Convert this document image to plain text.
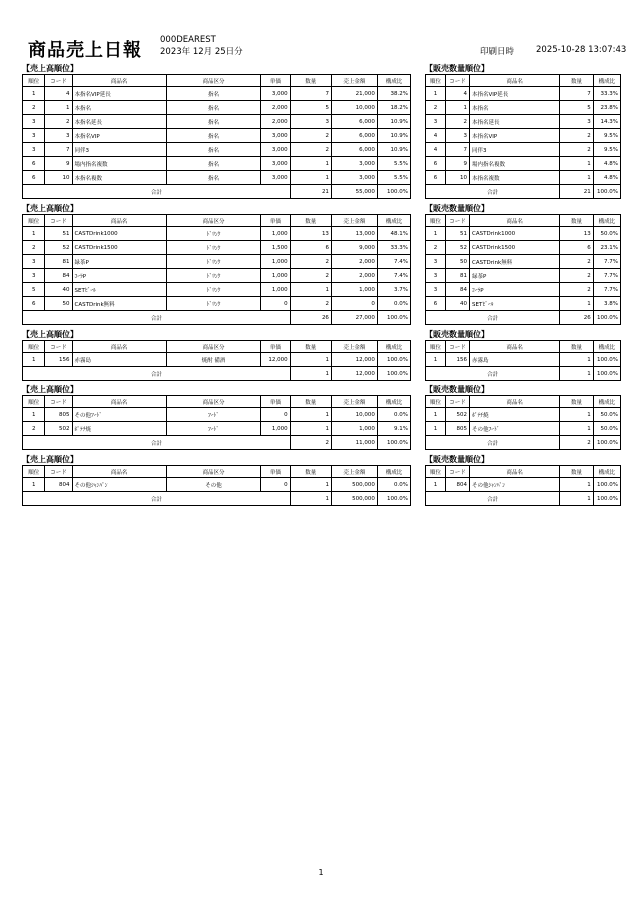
商品売上日報 000DEAREST
2023年 12月 25日分	印刷日時	2025-10-28 13:07:43
【売上高順位】
順位	コード	商品名	商品区分	単価	数量	売上金額	構成比
1	4	本指名VIP延長	指名	3,000	7	21,000	38.2%
2	1	本指名	指名	2,000	5	10,000	18.2%
3	2	本指名延長	指名	2,000	3	6,000	10.9%
3	3	本指名VIP	指名	3,000	2	6,000	10.9%
3	7	同伴3	指名	3,000	2	6,000	10.9%
6	9	場内指名複数	指名	3,000	1	3,000	5.5%
6	10	本指名複数	指名	3,000	1	3,000	5.5%
合計					21	55,000	100.0%
【販売数量順位】
順位	コード	商品名	数量	構成比
1	4	本指名VIP延長	7	33.3%
2	1	本指名	5	23.8%
3	2	本指名延長	3	14.3%
4	3	本指名VIP	2	9.5%
4	7	同伴3	2	9.5%
6	9	場内指名複数	1	4.8%
6	10	本指名複数	1	4.8%
合計			21	100.0%
【売上高順位】
順位	コード	商品名	商品区分	単価	数量	売上金額	構成比
1	51	CASTDrink1000	ﾄﾞﾘﾝｸ	1,000	13	13,000	48.1%
2	52	CASTDrink1500	ﾄﾞﾘﾝｸ	1,500	6	9,000	33.3%
3	81	緑茶P	ﾄﾞﾘﾝｸ	1,000	2	2,000	7.4%
3	84	ｺｰﾗP	ﾄﾞﾘﾝｸ	1,000	2	2,000	7.4%
5	40	SETﾋﾞｰﾙ	ﾄﾞﾘﾝｸ	1,000	1	1,000	3.7%
6	50	CASTDrink無料	ﾄﾞﾘﾝｸ	0	2	0	0.0%
合計					26	27,000	100.0%
【販売数量順位】
順位	コード	商品名	数量	構成比
1	51	CASTDrink1000	13	50.0%
2	52	CASTDrink1500	6	23.1%
3	50	CASTDrink無料	2	7.7%
3	81	緑茶P	2	7.7%
3	84	ｺｰﾗP	2	7.7%
6	40	SETﾋﾞｰﾙ	1	3.8%
合計			26	100.0%
【売上高順位】
順位	コード	商品名	商品区分	単価	数量	売上金額	構成比
1	156	赤霧島	焼酎 備酒	12,000	1	12,000	100.0%
合計					1	12,000	100.0%
【販売数量順位】
順位	コード	商品名	数量	構成比
1	156	赤霧島	1	100.0%
合計			1	100.0%
【売上高順位】
順位	コード	商品名	商品区分	単価	数量	売上金額	構成比
1	805	その他ﾌｰﾄﾞ	ﾌｰﾄﾞ	0	1	10,000	0.0%
2	502	ﾎﾟﾃﾁ焼	ﾌｰﾄﾞ	1,000	1	1,000	9.1%
合計					2	11,000	100.0%
【販売数量順位】
順位	コード	商品名	数量	構成比
1	502	ﾎﾟﾃﾁ焼	1	50.0%
1	805	その他ﾌｰﾄﾞ	1	50.0%
合計			2	100.0%
【売上高順位】
順位	コード	商品名	商品区分	単価	数量	売上金額	構成比
1	804	その他ｼｬﾝﾊﾟﾝ	その他	0	1	500,000	0.0%
合計					1	500,000	100.0%
【販売数量順位】
順位	コード	商品名	数量	構成比
1	804	その他ｼｬﾝﾊﾟﾝ	1	100.0%
合計			1	100.0%
1
